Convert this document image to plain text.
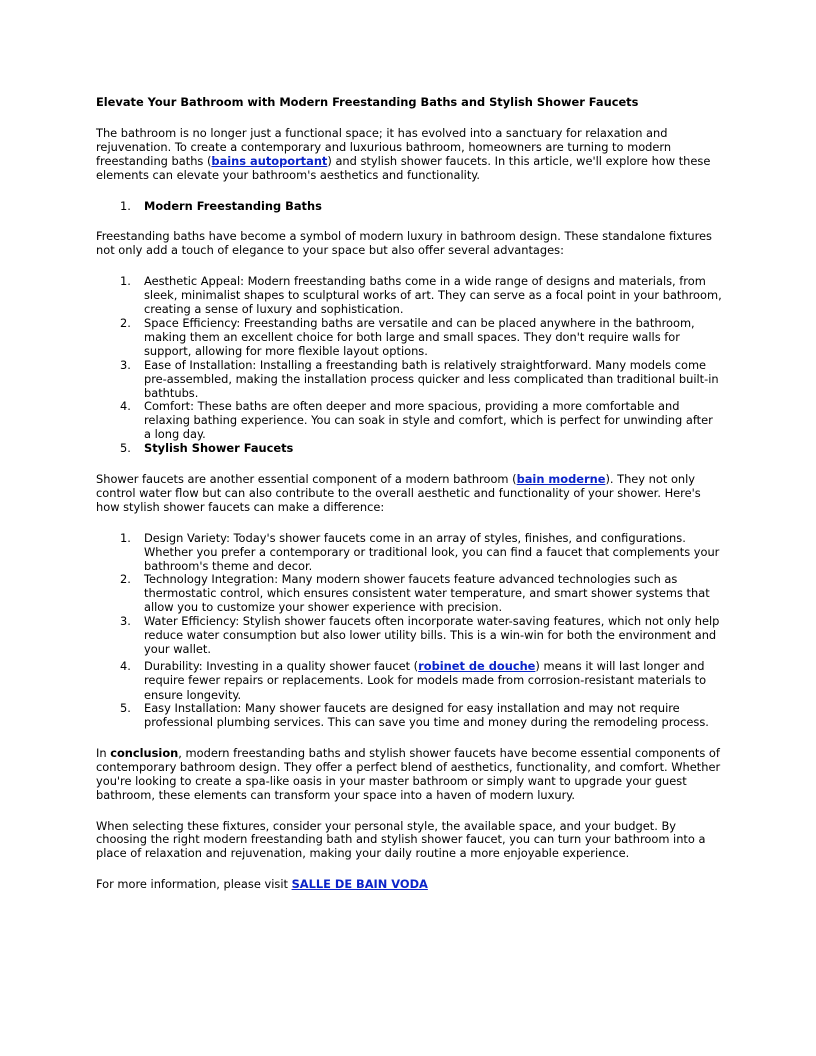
Elevate Your Bathroom with Modern Freestanding Baths and Stylish Shower Faucets

The bathroom is no longer just a functional space; it has evolved into a sanctuary for relaxation and rejuvenation. To create a contemporary and luxurious bathroom, homeowners are turning to modern freestanding baths (bains autoportant) and stylish shower faucets. In this article, we'll explore how these elements can elevate your bathroom's aesthetics and functionality.

1. Modern Freestanding Baths

Freestanding baths have become a symbol of modern luxury in bathroom design. These standalone fixtures not only add a touch of elegance to your space but also offer several advantages:

1. Aesthetic Appeal: Modern freestanding baths come in a wide range of designs and materials, from sleek, minimalist shapes to sculptural works of art. They can serve as a focal point in your bathroom, creating a sense of luxury and sophistication.
2. Space Efficiency: Freestanding baths are versatile and can be placed anywhere in the bathroom, making them an excellent choice for both large and small spaces. They don't require walls for support, allowing for more flexible layout options.
3. Ease of Installation: Installing a freestanding bath is relatively straightforward. Many models come pre-assembled, making the installation process quicker and less complicated than traditional built-in bathtubs.
4. Comfort: These baths are often deeper and more spacious, providing a more comfortable and relaxing bathing experience. You can soak in style and comfort, which is perfect for unwinding after a long day.
5. Stylish Shower Faucets

Shower faucets are another essential component of a modern bathroom (bain moderne). They not only control water flow but can also contribute to the overall aesthetic and functionality of your shower. Here's how stylish shower faucets can make a difference:

1. Design Variety: Today's shower faucets come in an array of styles, finishes, and configurations. Whether you prefer a contemporary or traditional look, you can find a faucet that complements your bathroom's theme and decor.
2. Technology Integration: Many modern shower faucets feature advanced technologies such as thermostatic control, which ensures consistent water temperature, and smart shower systems that allow you to customize your shower experience with precision.
3. Water Efficiency: Stylish shower faucets often incorporate water-saving features, which not only help reduce water consumption but also lower utility bills. This is a win-win for both the environment and your wallet.
4. Durability: Investing in a quality shower faucet (robinet de douche) means it will last longer and require fewer repairs or replacements. Look for models made from corrosion-resistant materials to ensure longevity.
5. Easy Installation: Many shower faucets are designed for easy installation and may not require professional plumbing services. This can save you time and money during the remodeling process.

In conclusion, modern freestanding baths and stylish shower faucets have become essential components of contemporary bathroom design. They offer a perfect blend of aesthetics, functionality, and comfort. Whether you're looking to create a spa-like oasis in your master bathroom or simply want to upgrade your guest bathroom, these elements can transform your space into a haven of modern luxury.

When selecting these fixtures, consider your personal style, the available space, and your budget. By choosing the right modern freestanding bath and stylish shower faucet, you can turn your bathroom into a place of relaxation and rejuvenation, making your daily routine a more enjoyable experience.

For more information, please visit SALLE DE BAIN VODA
